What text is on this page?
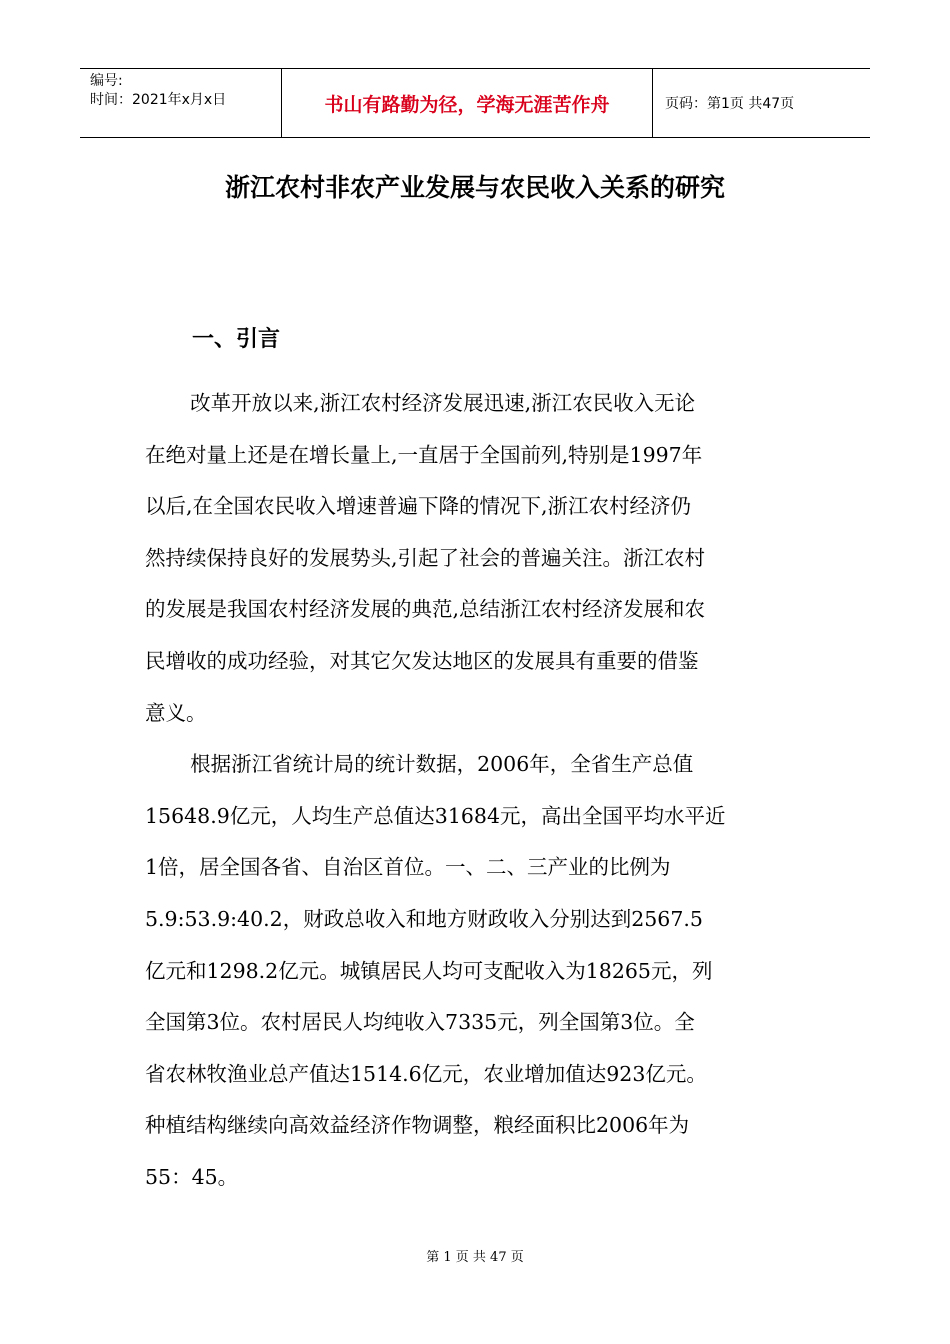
编号:
时间：2021年x月x日	书山有路勤为径，学海无涯苦作舟	页码：第1页 共47页
浙江农村非农产业发展与农民收入关系的研究
一、引言

改革开放以来,浙江农村经济发展迅速,浙江农民收入无论
在绝对量上还是在增长量上,一直居于全国前列,特别是1997年
以后,在全国农民收入增速普遍下降的情况下,浙江农村经济仍
然持续保持良好的发展势头,引起了社会的普遍关注。浙江农村
的发展是我国农村经济发展的典范,总结浙江农村经济发展和农
民增收的成功经验，对其它欠发达地区的发展具有重要的借鉴
意义。

根据浙江省统计局的统计数据，2006年，全省生产总值
15648.9亿元，人均生产总值达31684元，高出全国平均水平近
1倍，居全国各省、自治区首位。一、二、三产业的比例为
5.9:53.9:40.2，财政总收入和地方财政收入分别达到2567.5
亿元和1298.2亿元。城镇居民人均可支配收入为18265元，列
全国第3位。农村居民人均纯收入7335元，列全国第3位。全
省农林牧渔业总产值达1514.6亿元，农业增加值达923亿元。
种植结构继续向高效益经济作物调整，粮经面积比2006年为
55：45。

第 1 页 共 47 页
